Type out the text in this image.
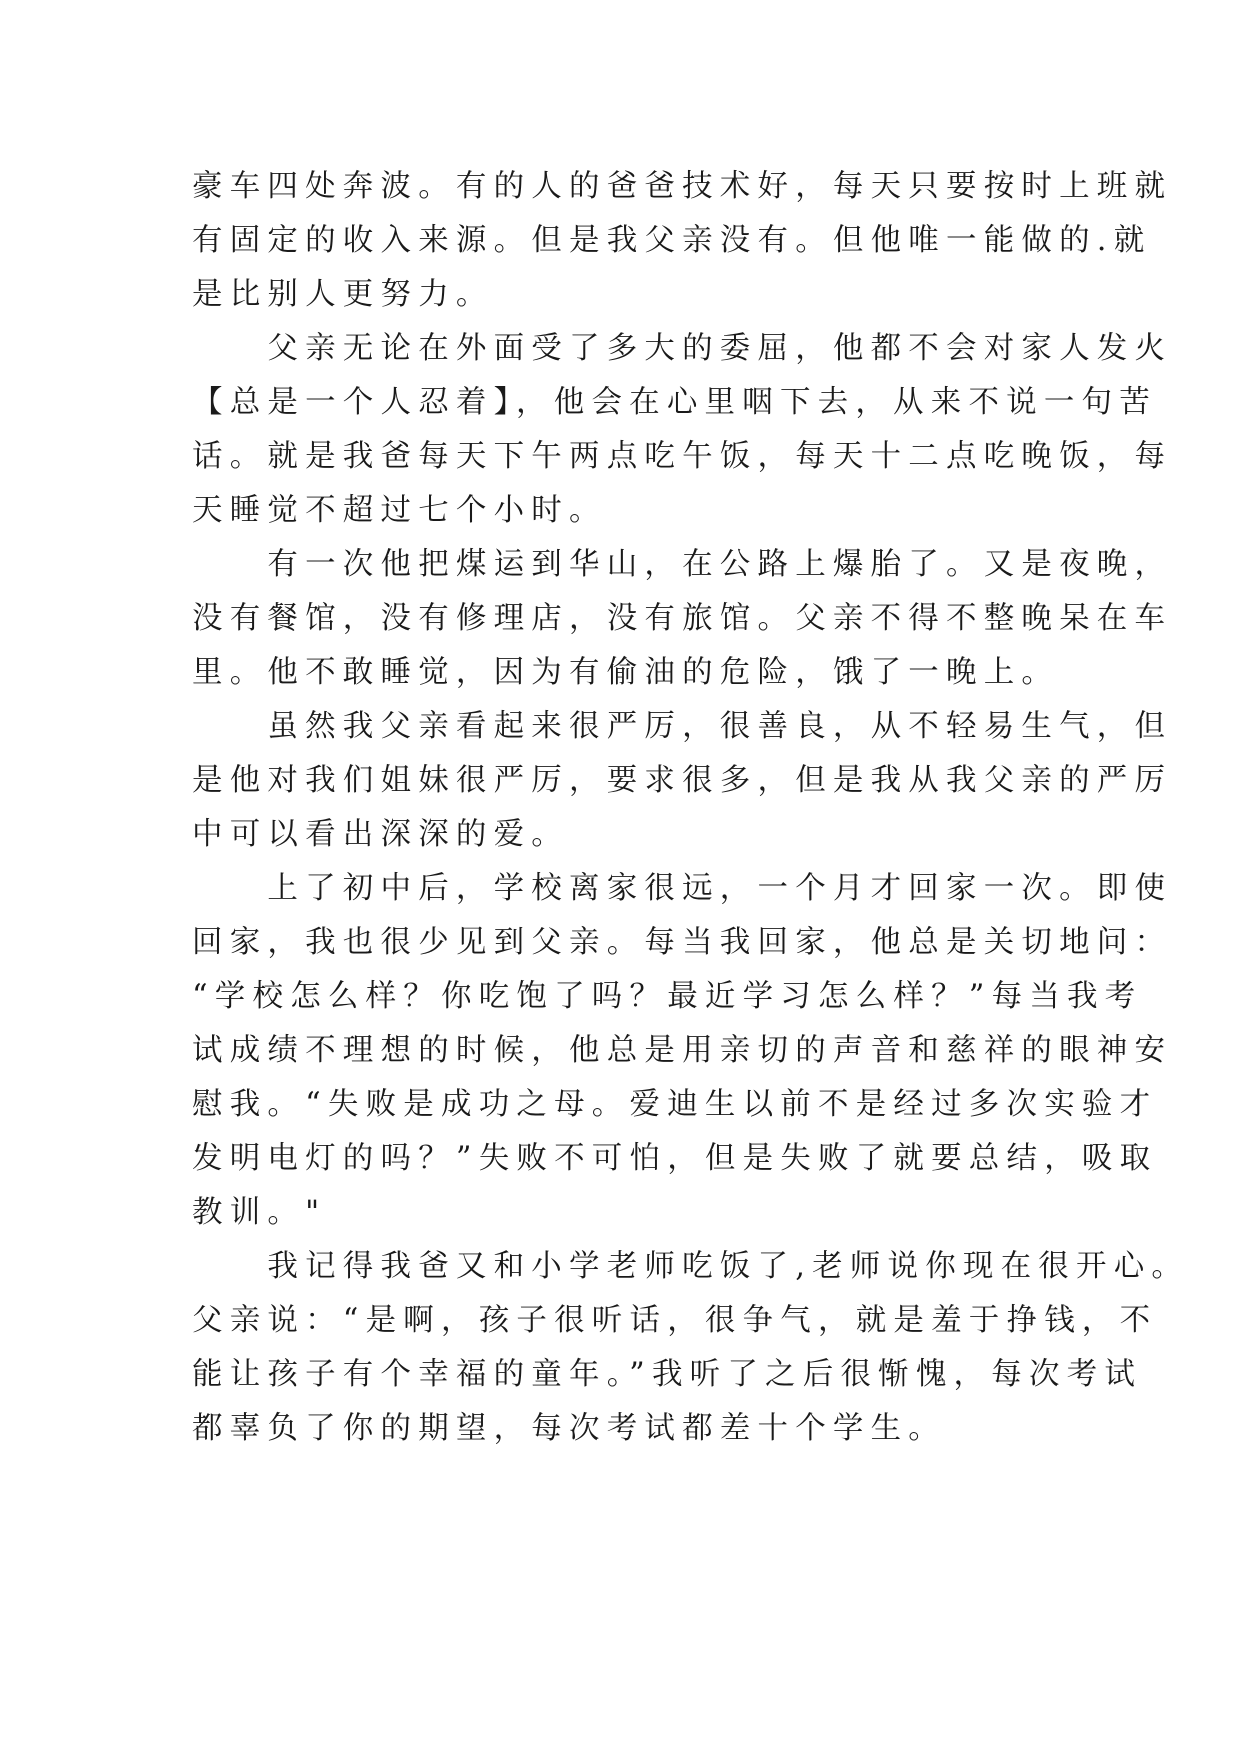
豪车四处奔波。有的人的爸爸技术好，每天只要按时上班就
有固定的收入来源。但是我父亲没有。但他唯一能做的.就
是比别人更努力。
　　父亲无论在外面受了多大的委屈，他都不会对家人发火
【总是一个人忍着】，他会在心里咽下去，从来不说一句苦
话。就是我爸每天下午两点吃午饭，每天十二点吃晚饭，每
天睡觉不超过七个小时。
　　有一次他把煤运到华山，在公路上爆胎了。又是夜晚，
没有餐馆，没有修理店，没有旅馆。父亲不得不整晚呆在车
里。他不敢睡觉，因为有偷油的危险，饿了一晚上。
　　虽然我父亲看起来很严厉，很善良，从不轻易生气，但
是他对我们姐妹很严厉，要求很多，但是我从我父亲的严厉
中可以看出深深的爱。
　　上了初中后，学校离家很远，一个月才回家一次。即使
回家，我也很少见到父亲。每当我回家，他总是关切地问：
“学校怎么样？你吃饱了吗？最近学习怎么样？”每当我考
试成绩不理想的时候，他总是用亲切的声音和慈祥的眼神安
慰我。“失败是成功之母。爱迪生以前不是经过多次实验才
发明电灯的吗？”失败不可怕，但是失败了就要总结，吸取
教训。"
　　我记得我爸又和小学老师吃饭了,老师说你现在很开心。
父亲说：“是啊，孩子很听话，很争气，就是羞于挣钱，不
能让孩子有个幸福的童年。”我听了之后很惭愧，每次考试
都辜负了你的期望，每次考试都差十个学生。
